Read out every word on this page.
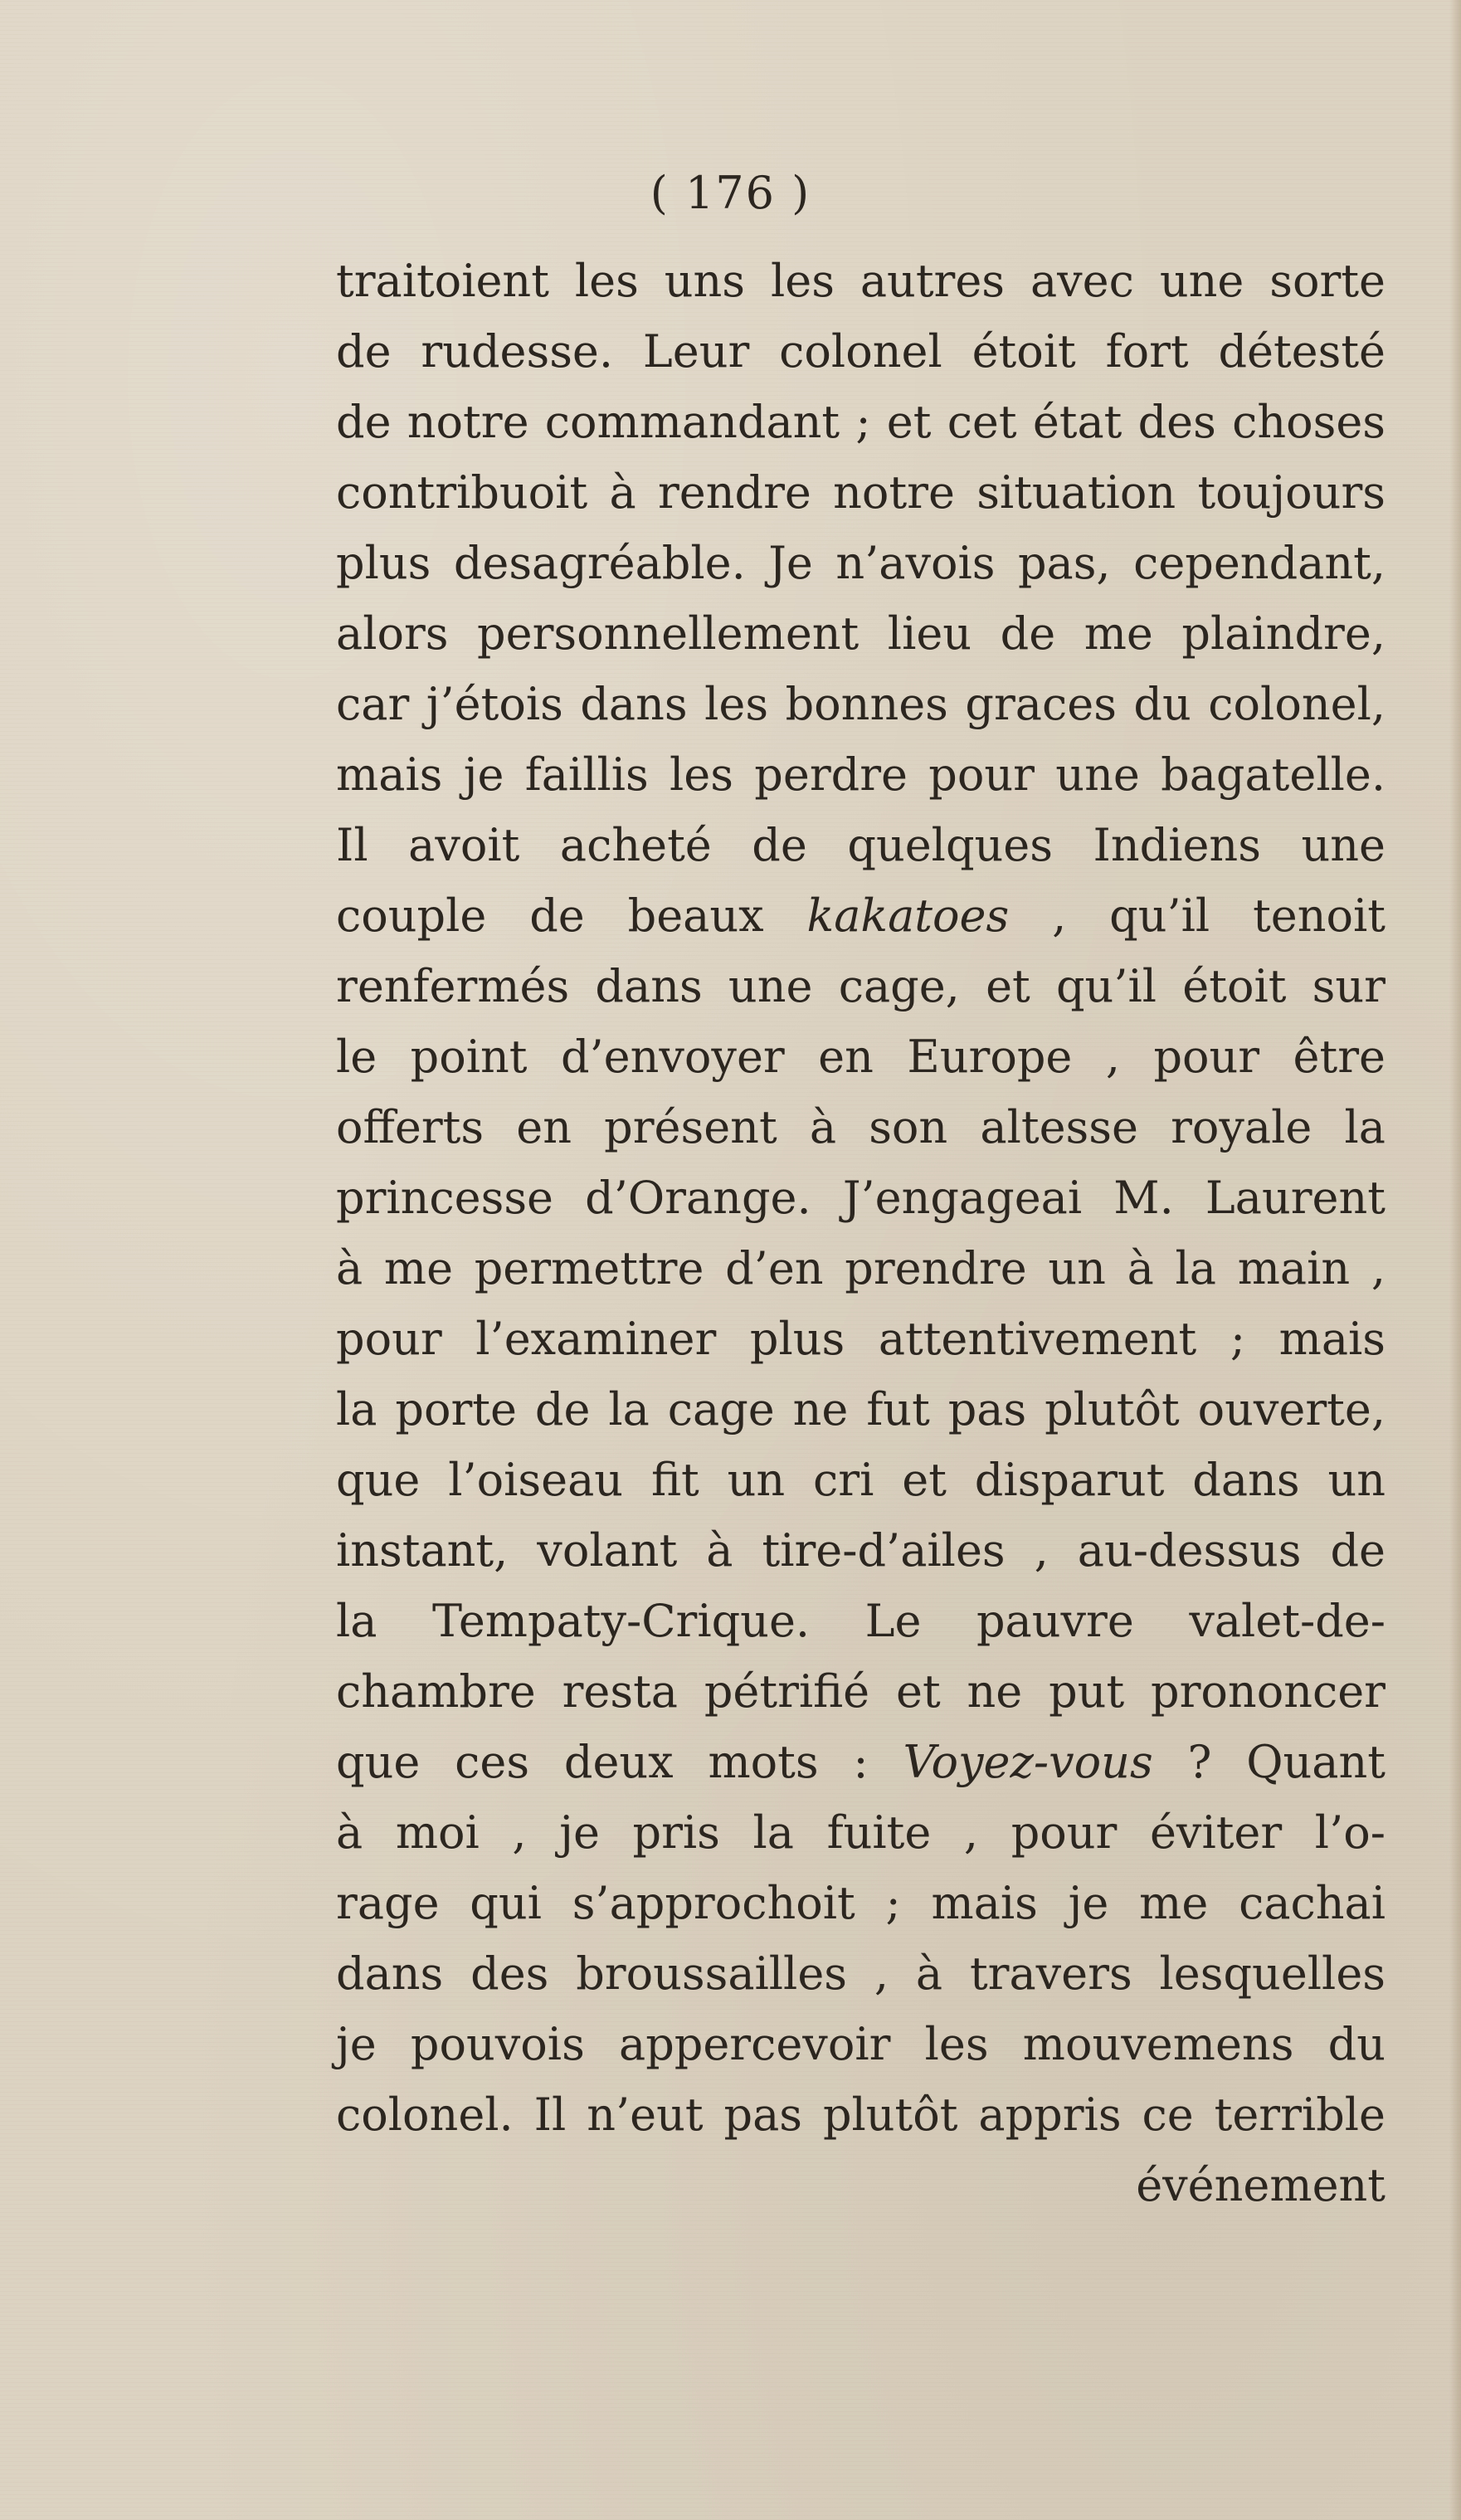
( 176 )
traitoient les uns les autres avec une sorte
de rudesse. Leur colonel étoit fort détesté
de notre commandant ; et cet état des choses
contribuoit à rendre notre situation toujours
plus desagréable. Je n’avois pas, cependant,
alors personnellement lieu de me plaindre,
car j’étois dans les bonnes graces du colonel,
mais je faillis les perdre pour une bagatelle.
Il avoit acheté de quelques Indiens une
couple de beaux kakatoes , qu’il tenoit
renfermés dans une cage, et qu’il étoit sur
le point d’envoyer en Europe , pour être
offerts en présent à son altesse royale la
princesse d’Orange. J’engageai M. Laurent
à me permettre d’en prendre un à la main ,
pour l’examiner plus attentivement ; mais
la porte de la cage ne fut pas plutôt ouverte,
que l’oiseau fit un cri et disparut dans un
instant, volant à tire-d’ailes , au-dessus de
la Tempaty-Crique. Le pauvre valet-de-
chambre resta pétrifié et ne put prononcer
que ces deux mots : Voyez-vous ? Quant
à moi , je pris la fuite , pour éviter l’o-
rage qui s’approchoit ; mais je me cachai
dans des broussailles , à travers lesquelles
je pouvois appercevoir les mouvemens du
colonel. Il n’eut pas plutôt appris ce terrible
événement
